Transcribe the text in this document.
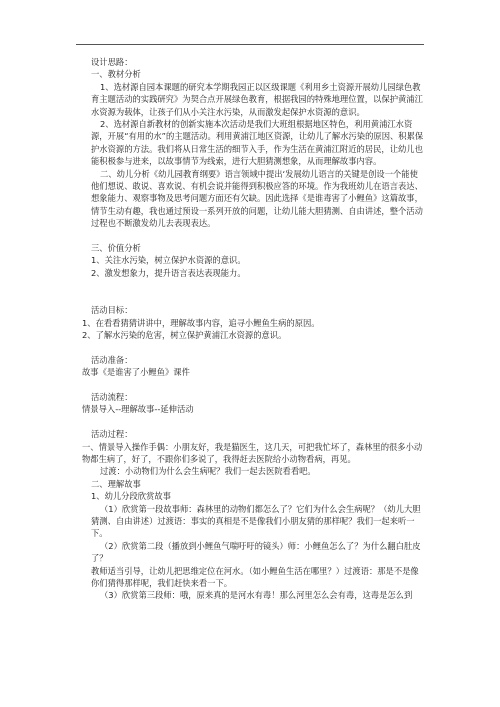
设计思路：

一、教材分析

1、选材源自园本课题的研究本学期我园正以区级课题《利用乡土资源开展幼儿园绿色教育主题活动的实践研究》为契合点开展绿色教育，根据我园的特殊地理位置，以保护黄浦江水资源为载体，让孩子们从小关注水污染，从而激发起保护水资源的意识。

2、选材源自新教材的创新实施本次活动是我们大班组根据地区特色，利用黄浦江水资源，开展“有用的水”的主题活动。利用黄浦江地区资源，让幼儿了解水污染的原因、积累保护水资源的方法。我们将从日常生活的细节入手，作为生活在黄浦江附近的居民，让幼儿也能积极参与进来，以故事情节为线索，进行大胆猜测想象，从而理解故事内容。

二、幼儿分析《幼儿园教育纲要》语言领域中提出‘发展幼儿语言的关键是创设一个能使他们想说、敢说、喜欢说、有机会说并能得到积极应答的环境。作为我班幼儿在语言表达、想象能力、观察事物及思考问题方面还有欠缺。因此选择《是谁毒害了小鲤鱼》这篇故事，情节生动有趣，我也通过预设一系列开放的问题，让幼儿能大胆猜测、自由讲述，整个活动过程也不断激发幼儿去表现表达。

三、价值分析

1、关注水污染，树立保护水资源的意识。

2、激发想象力，提升语言表达表现能力。

活动目标：

1、在看看猜猜讲讲中，理解故事内容，追寻小鲤鱼生病的原因。

2、了解水污染的危害，树立保护黄浦江水资源的意识。

活动准备：

故事《是谁害了小鲤鱼》课件

活动流程：

情景导入--理解故事--延伸活动

活动过程：

一、情景导入操作手偶：小朋友好，我是猫医生，这几天，可把我忙坏了，森林里的很多小动物都生病了，好了，不跟你们多说了，我得赶去医院给小动物看病，再见。

过渡：小动物们为什么会生病呢？我们一起去医院看看吧。

二、理解故事

1、幼儿分段欣赏故事

（1）欣赏第一段故事师：森林里的动物们都怎么了？它们为什么会生病呢？（幼儿大胆猜测、自由讲述）过渡语：事实的真相是不是像我们小朋友猜的那样呢？我们一起来听一下。

（2）欣赏第二段（播放到小鲤鱼气喘吁吁的镜头）师：小鲤鱼怎么了？为什么翻白肚皮了？

教师适当引导，让幼儿把思维定位在河水。（如小鲤鱼生活在哪里？）过渡语：那是不是像你们猜得那样呢，我们赶快来看一下。

（3）欣赏第三段师：哦，原来真的是河水有毒！那么河里怎么会有毒，这毒是怎么到
